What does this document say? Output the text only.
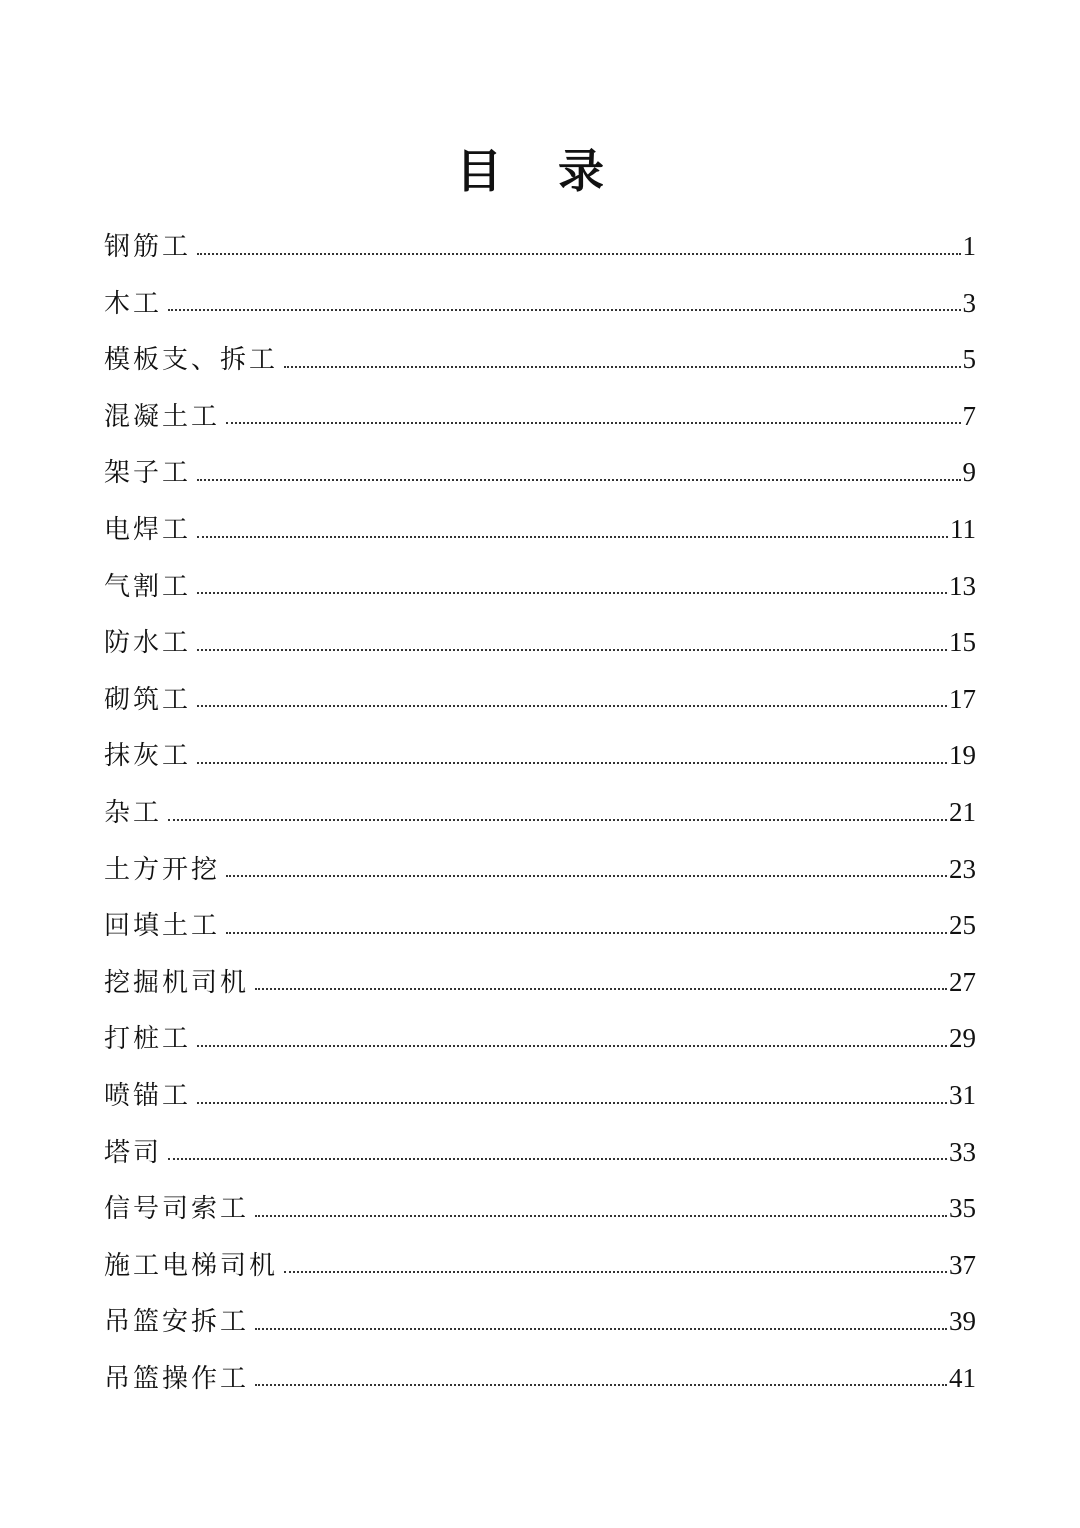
目 录
钢筋工	1
木工	3
模板支、拆工	5
混凝土工	7
架子工	9
电焊工	11
气割工	13
防水工	15
砌筑工	17
抹灰工	19
杂工	21
土方开挖	23
回填土工	25
挖掘机司机	27
打桩工	29
喷锚工	31
塔司	33
信号司索工	35
施工电梯司机	37
吊篮安拆工	39
吊篮操作工	41
